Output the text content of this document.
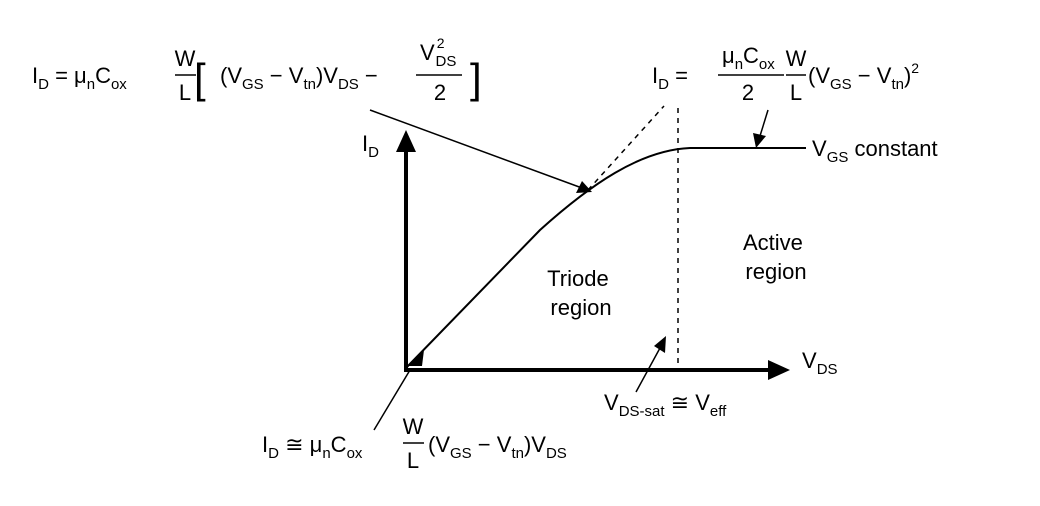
$I_D$
$V_{DS}$
$V_{GS}$ constant
Triode region
Active region
$V_{DS-sat}$ ≅ $V_{eff}$
$I_D = \mu_nC_{ox}$
W
L [ $(V_{GS} - V_{tn})V_{DS}$ −
V $^2$ DS
2 ]	$I_D$ =
$\mu_nC_{ox}$
2
W
L
$(V_{GS} - V_{tn})^2$
$I_D$ ≅ $\mu_nC_{ox}$
W
L
$(V_{GS} - V_{tn})V_{DS}$
